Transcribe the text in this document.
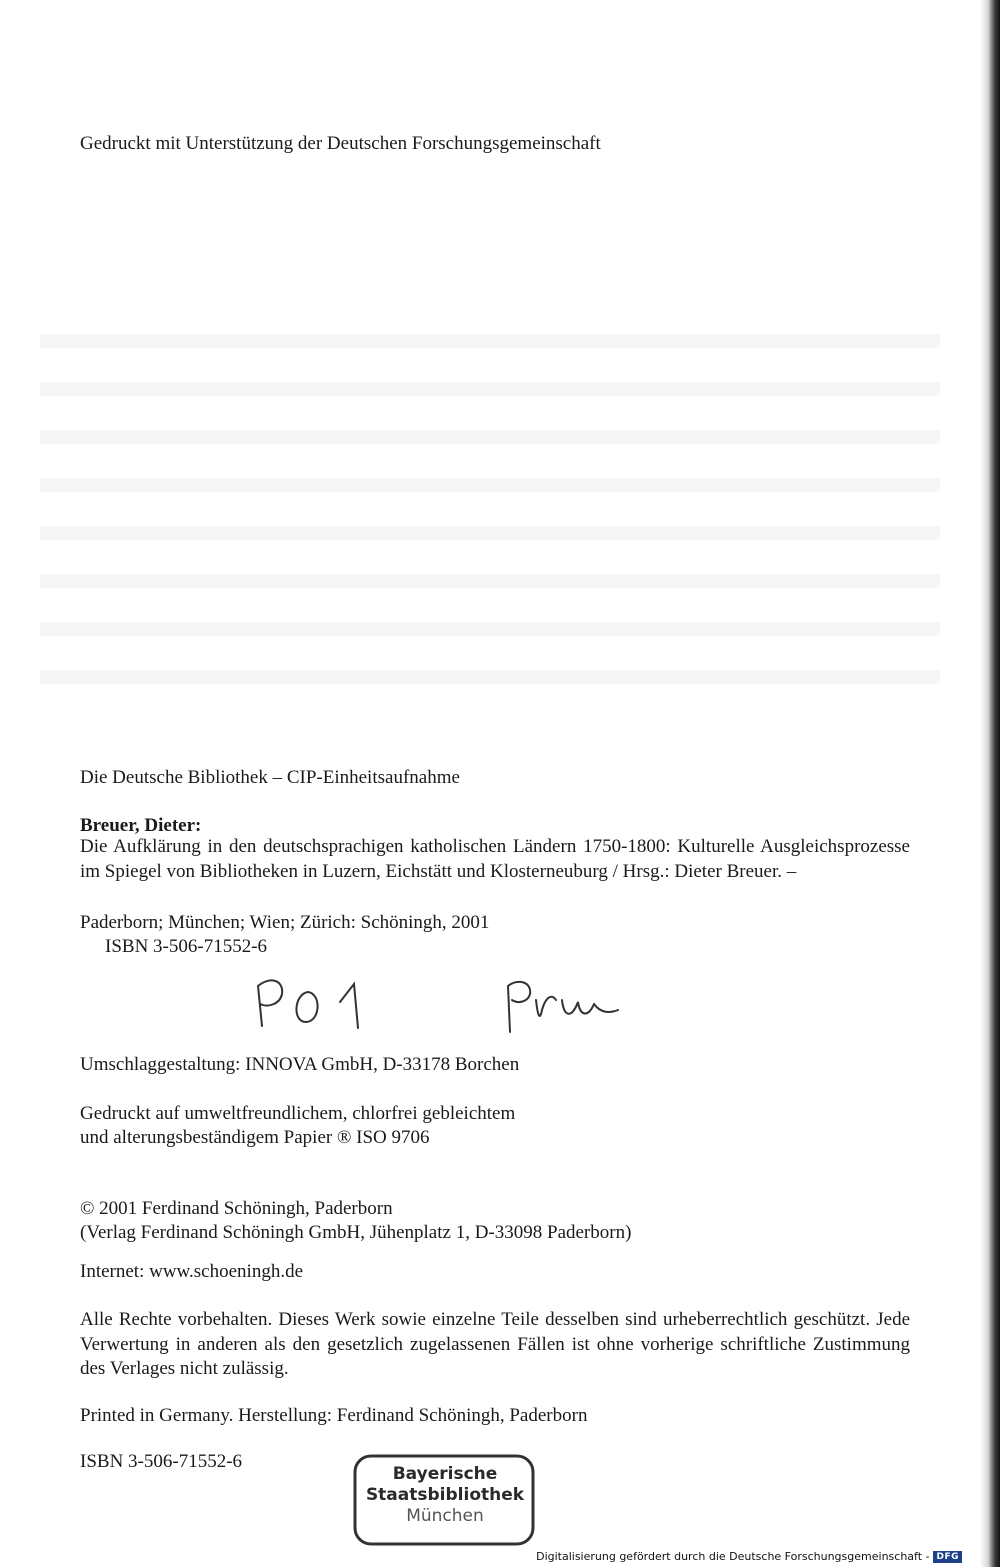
Gedruckt mit Unterstützung der Deutschen Forschungsgemeinschaft

Die Deutsche Bibliothek – CIP-Einheitsaufnahme

Breuer, Dieter:

Die Aufklärung in den deutschsprachigen katholischen Ländern 1750-1800: Kulturelle Ausgleichsprozesse im Spiegel von Bibliotheken in Luzern, Eichstätt und Klosterneuburg / Hrsg.: Dieter Breuer. –

Paderborn; München; Wien; Zürich: Schöningh, 2001

ISBN 3-506-71552-6

Umschlaggestaltung: INNOVA GmbH, D-33178 Borchen

Gedruckt auf umweltfreundlichem, chlorfrei gebleichtem

und alterungsbeständigem Papier ® ISO 9706

© 2001 Ferdinand Schöningh, Paderborn

(Verlag Ferdinand Schöningh GmbH, Jühenplatz 1, D-33098 Paderborn)

Internet: www.schoeningh.de

Alle Rechte vorbehalten. Dieses Werk sowie einzelne Teile desselben sind urheberrechtlich geschützt. Jede Verwertung in anderen als den gesetzlich zugelassenen Fällen ist ohne vorherige schriftliche Zustimmung des Verlages nicht zulässig.

Printed in Germany. Herstellung: Ferdinand Schöningh, Paderborn

ISBN 3-506-71552-6

Bayerische
Staatsbibliothek
München
Digitalisierung gefördert durch die Deutsche Forschungsgemeinschaft - DFG
